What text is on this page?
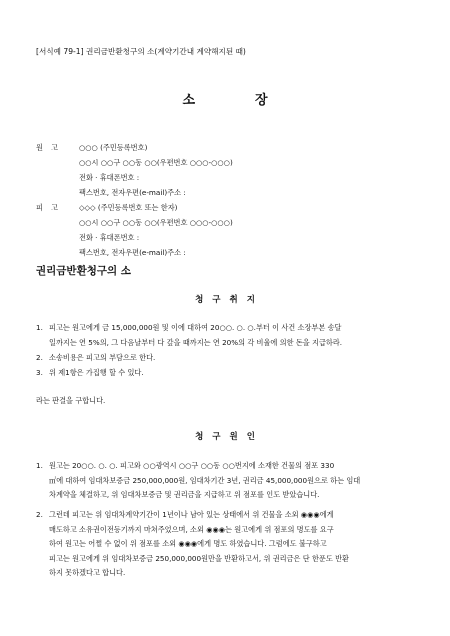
[서식예 79-1] 권리금반환청구의 소(계약기간내 계약해지된 때)
소장
원고	○○○ (주민등록번호)
○○시 ○○구 ○○동 ○○(우편번호 ○○○-○○○)
전화 · 휴대폰번호 :
팩스번호, 전자우편(e-mail)주소 :
피고	◇◇◇ (주민등록번호 또는 한자)
○○시 ○○구 ○○동 ○○(우편번호 ○○○-○○○)
전화 · 휴대폰번호 :
팩스번호, 전자우편(e-mail)주소 :
권리금반환청구의 소
청구취지
1. 피고는 원고에게 금 15,000,000원 및 이에 대하여 20○○. ○. ○.부터 이 사건 소장부본 송달
일까지는 연 5%의, 그 다음날부터 다 갚을 때까지는 연 20%의 각 비율에 의한 돈을 지급하라.
2. 소송비용은 피고의 부담으로 한다.
3. 위 제1항은 가집행 할 수 있다.
라는 판결을 구합니다.
청구원인
1. 원고는 20○○. ○. ○. 피고와 ○○광역시 ○○구 ○○동 ○○번지에 소재한 건물의 점포 330
㎡에 대하여 임대차보증금 250,000,000원, 임대차기간 3년, 권리금 45,000,000원으로 하는 임대
차계약을 체결하고, 위 임대차보증금 및 권리금을 지급하고 위 점포를 인도 받았습니다.
2. 그런데 피고는 위 임대차계약기간이 1년이나 남아 있는 상태에서 위 건물을 소외 ◉◉◉에게
매도하고 소유권이전등기까지 마쳐주었으며, 소외 ◉◉◉는 원고에게 위 점포의 명도를 요구
하여 원고는 어쩔 수 없이 위 점포를 소외 ◉◉◉에게 명도 하였습니다. 그럼에도 불구하고
피고는 원고에게 위 임대차보증금 250,000,000원만을 반환하고서, 위 권리금은 단 한푼도 반환
하지 못하겠다고 합니다.
